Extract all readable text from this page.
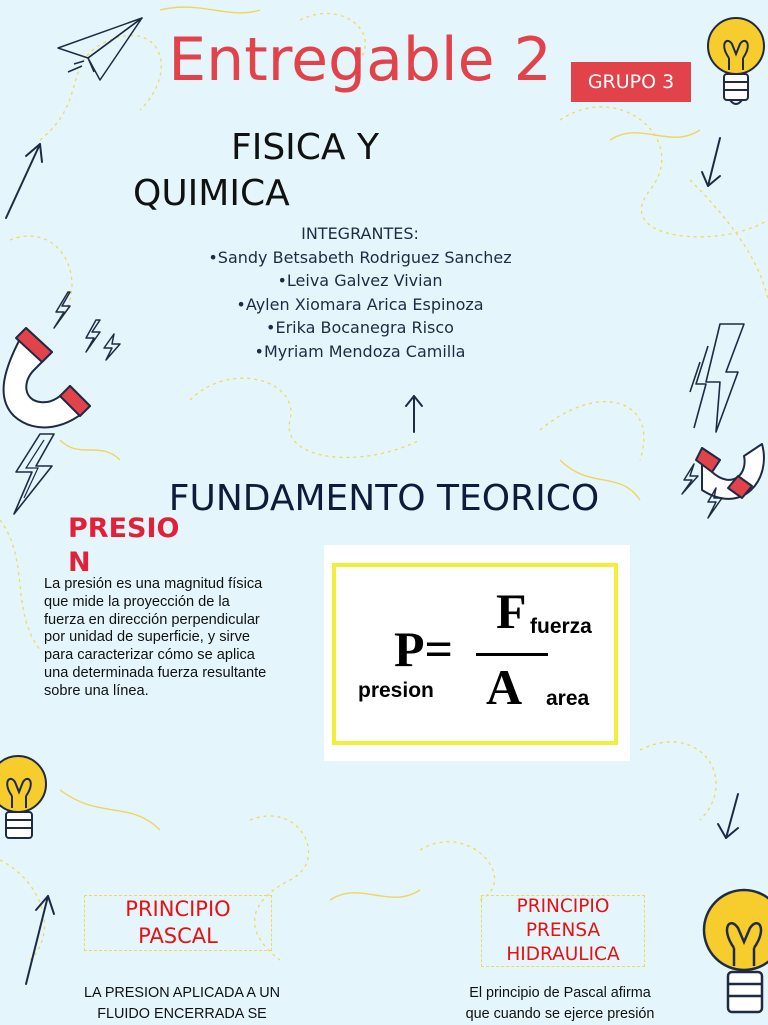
Entregable 2	GRUPO 3
FISICA Y
QUIMICA
INTEGRANTES:
•Sandy Betsabeth Rodriguez Sanchez
•Leiva Galvez Vivian
•Aylen Xiomara Arica Espinoza
•Erika Bocanegra Risco
•Myriam Mendoza Camilla
FUNDAMENTO TEORICO
PRESION
La presión es una magnitud física que mide la proyección de la fuerza en dirección perpendicular por unidad de superficie, y sirve para caracterizar cómo se aplica una determinada fuerza resultante sobre una línea.
P=
F
A
presion
fuerza
area
PRINCIPIO PASCAL
LA PRESION APLICADA A UN
FLUIDO ENCERRADA SE
PRINCIPIO PRENSA HIDRAULICA
El principio de Pascal afirma
que cuando se ejerce presión
